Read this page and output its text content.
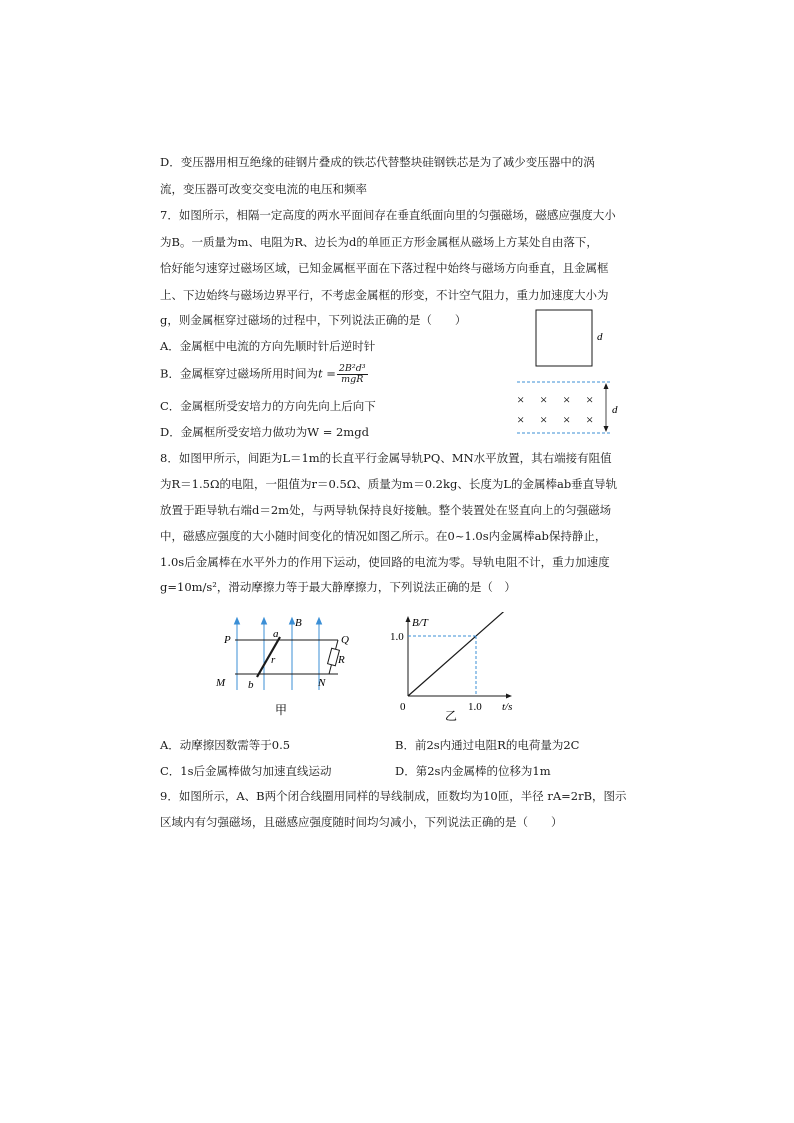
D．变压器用相互绝缘的硅钢片叠成的铁芯代替整块硅钢铁芯是为了减少变压器中的涡
流，变压器可改变交变电流的电压和频率
7．如图所示，相隔一定高度的两水平面间存在垂直纸面向里的匀强磁场，磁感应强度大小
为B。一质量为m、电阻为R、边长为d的单匝正方形金属框从磁场上方某处自由落下，
恰好能匀速穿过磁场区域，已知金属框平面在下落过程中始终与磁场方向垂直，且金属框
上、下边始终与磁场边界平行，不考虑金属框的形变，不计空气阻力，重力加速度大小为
g，则金属框穿过磁场的过程中，下列说法正确的是（　　）
A．金属框中电流的方向先顺时针后逆时针
B．金属框穿过磁场所用时间为$t = \frac{\text{2B²d³}}{\text{mgR}}$
C．金属框所受安培力的方向先向上后向下
D．金属框所受安培力做功为W = 2mgd
d
× × × ×
× × × ×
d
8．如图甲所示，间距为L＝1m的长直平行金属导轨PQ、MN水平放置，其右端接有阻值
为R＝1.5Ω的电阻，一阻值为r＝0.5Ω、质量为m＝0.2kg、长度为L的金属棒ab垂直导轨
放置于距导轨右端d＝2m处，与两导轨保持良好接触。整个装置处在竖直向上的匀强磁场
中，磁感应强度的大小随时间变化的情况如图乙所示。在0~1.0s内金属棒ab保持静止，
1.0s后金属棒在水平外力的作用下运动，使回路的电流为零。导轨电阻不计，重力加速度
g=10m/s²，滑动摩擦力等于最大静摩擦力，下列说法正确的是（　）
B
R
a
b
r
P	Q
M	N
甲
B/T
t/s
0
1.0
1.0
乙
A．动摩擦因数需等于0.5	B．前2s内通过电阻R的电荷量为2C
C．1s后金属棒做匀加速直线运动	D．第2s内金属棒的位移为1m
9．如图所示，A、B两个闭合线圈用同样的导线制成，匝数均为10匝，半径 rA=2rB，图示
区域内有匀强磁场，且磁感应强度随时间均匀减小，下列说法正确的是（　　）
